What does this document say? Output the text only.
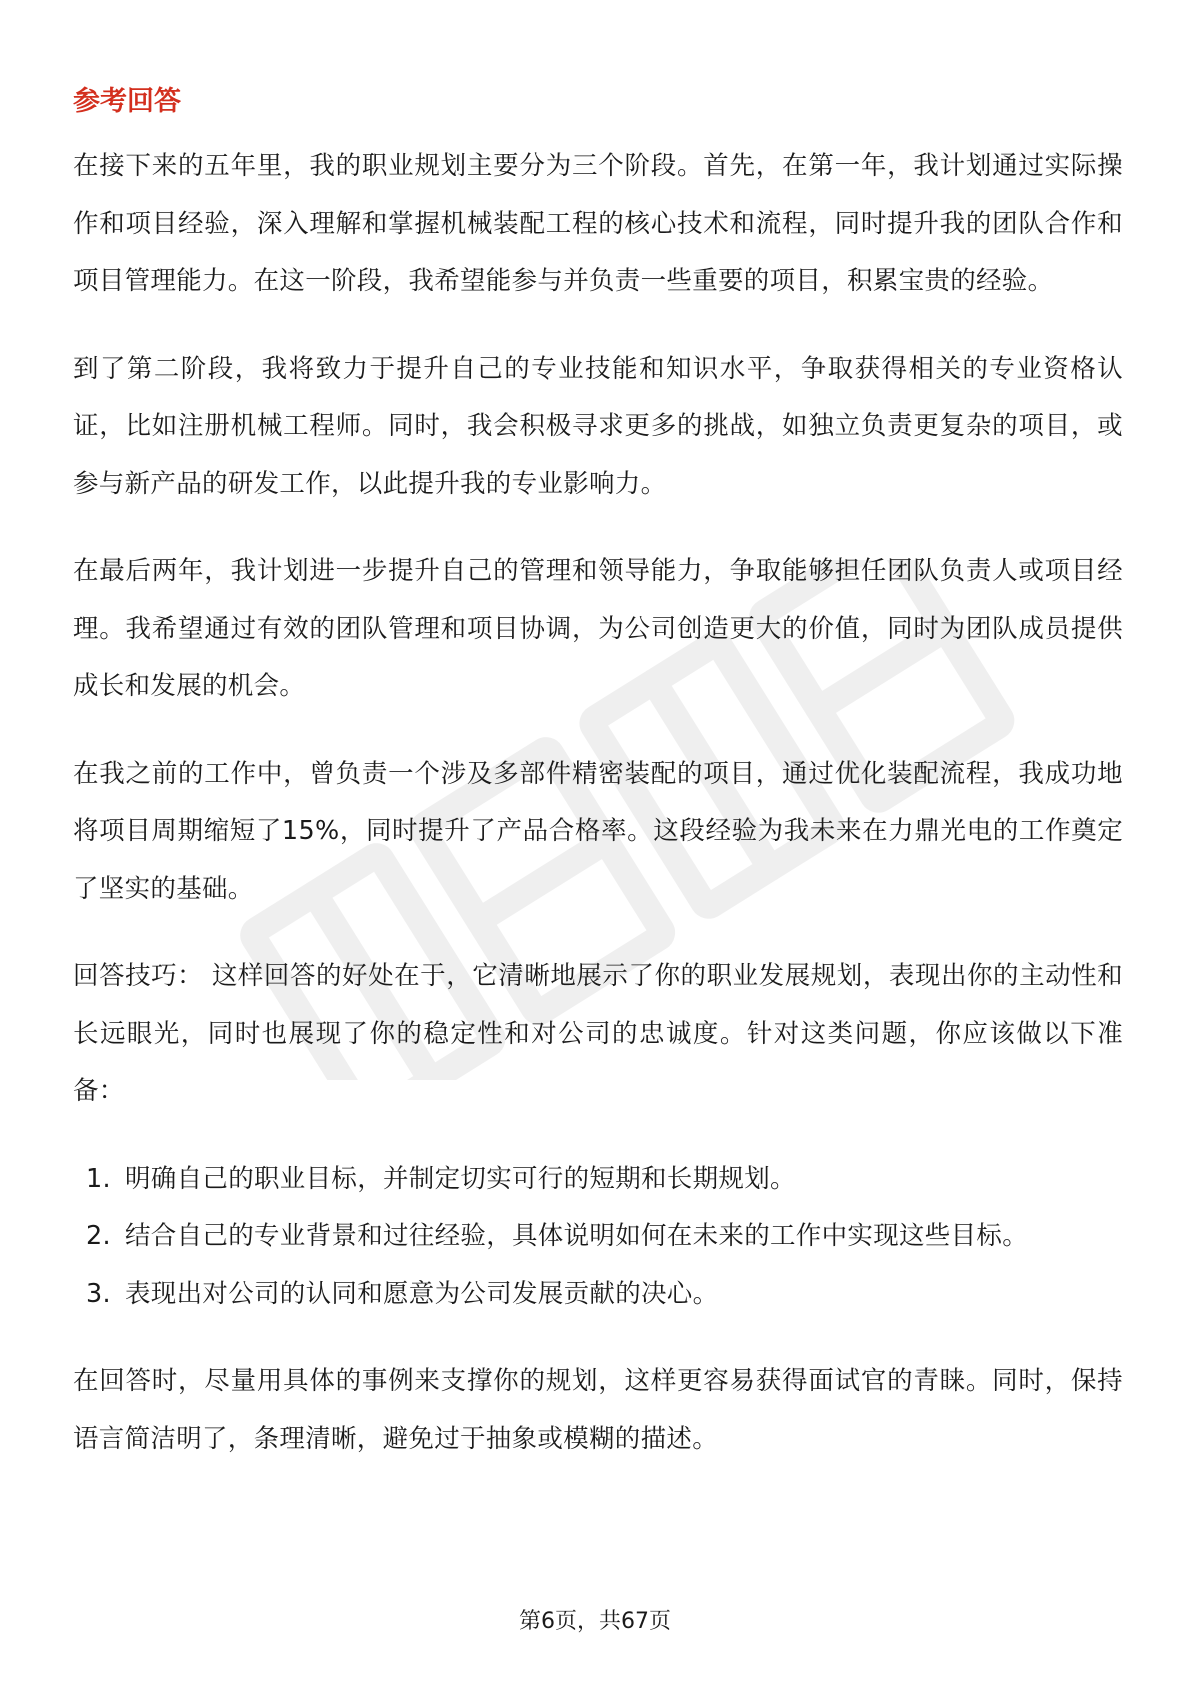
参考回答

在接下来的五年里，我的职业规划主要分为三个阶段。首先，在第一年，我计划通过实际操作和项目经验，深入理解和掌握机械装配工程的核心技术和流程，同时提升我的团队合作和项目管理能力。在这一阶段，我希望能参与并负责一些重要的项目，积累宝贵的经验。

到了第二阶段，我将致力于提升自己的专业技能和知识水平，争取获得相关的专业资格认证，比如注册机械工程师。同时，我会积极寻求更多的挑战，如独立负责更复杂的项目，或参与新产品的研发工作，以此提升我的专业影响力。

在最后两年，我计划进一步提升自己的管理和领导能力，争取能够担任团队负责人或项目经理。我希望通过有效的团队管理和项目协调，为公司创造更大的价值，同时为团队成员提供成长和发展的机会。

在我之前的工作中，曾负责一个涉及多部件精密装配的项目，通过优化装配流程，我成功地将项目周期缩短了15%，同时提升了产品合格率。这段经验为我未来在力鼎光电的工作奠定了坚实的基础。

回答技巧： 这样回答的好处在于，它清晰地展示了你的职业发展规划，表现出你的主动性和长远眼光，同时也展现了你的稳定性和对公司的忠诚度。针对这类问题，你应该做以下准备：

1. 明确自己的职业目标，并制定切实可行的短期和长期规划。
2. 结合自己的专业背景和过往经验，具体说明如何在未来的工作中实现这些目标。
3. 表现出对公司的认同和愿意为公司发展贡献的决心。

在回答时，尽量用具体的事例来支撑你的规划，这样更容易获得面试官的青睐。同时，保持语言简洁明了，条理清晰，避免过于抽象或模糊的描述。

第6页，共67页
